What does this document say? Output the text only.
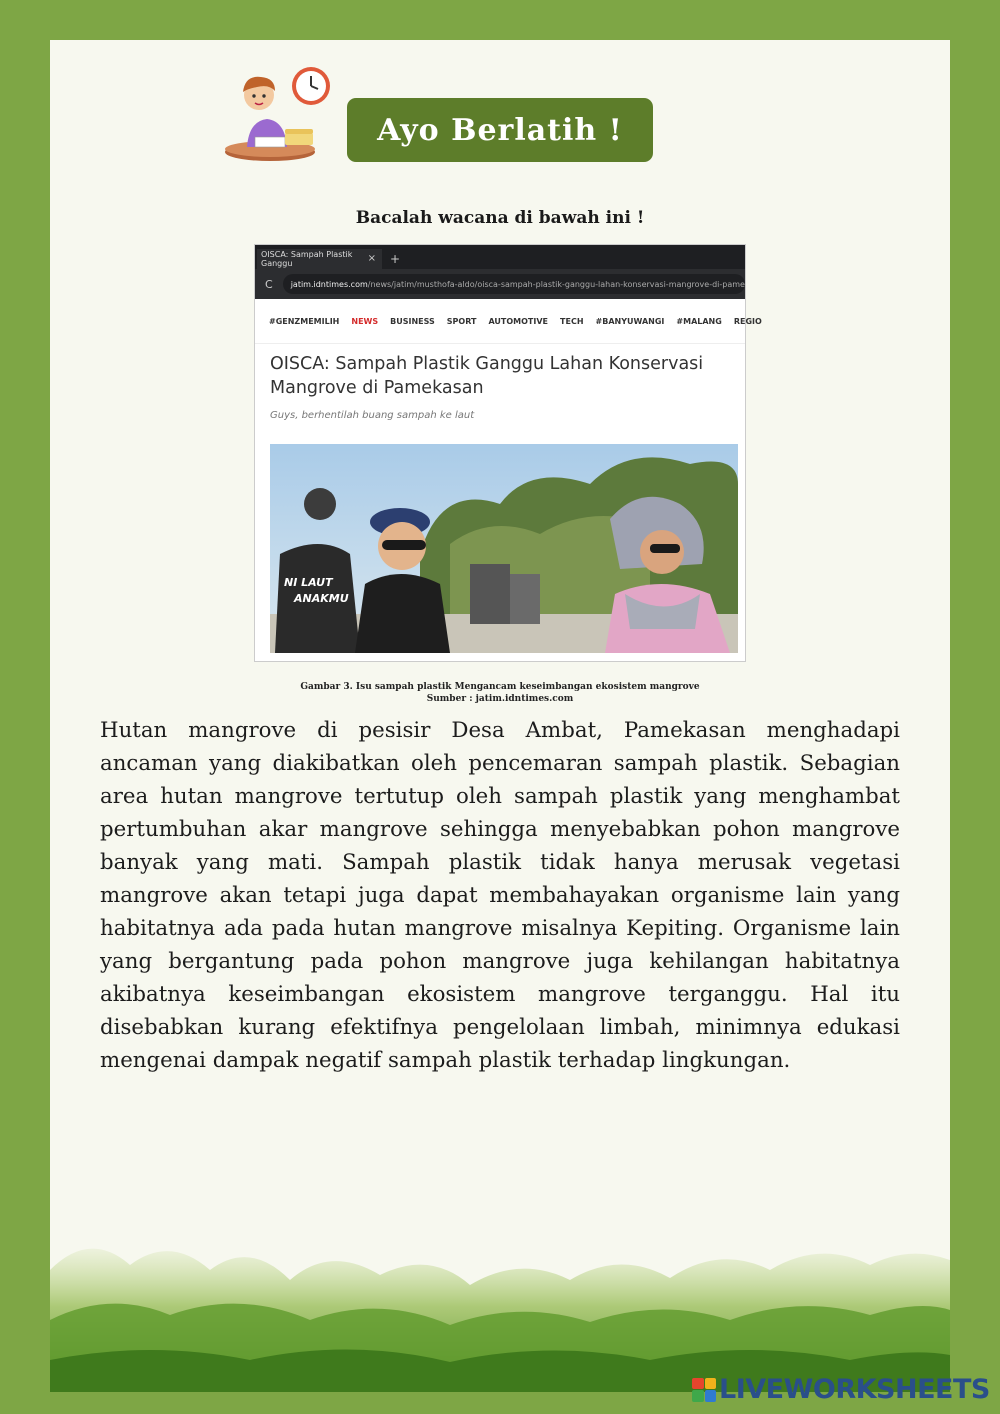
Ayo Berlatih !
Bacalah wacana di bawah ini !
OISCA: Sampah Plastik Ganggu	× +
C jatim.idntimes.com /news/jatim/musthofa-aldo/oisca-sampah-plastik-ganggu-lahan-konservasi-mangrove-di-pame
#GENZMEMILIH NEWS BUSINESS SPORT AUTOMOTIVE TECH #BANYUWANGI #MALANG REGIO
OISCA: Sampah Plastik Ganggu Lahan Konservasi Mangrove di Pamekasan
Guys, berhentilah buang sampah ke laut
NI LAUT
ANAKMU
Gambar 3. Isu sampah plastik Mengancam keseimbangan ekosistem mangrove
Sumber : jatim.idntimes.com
Hutan mangrove di pesisir Desa Ambat, Pamekasan menghadapi ancaman yang diakibatkan oleh pencemaran sampah plastik. Sebagian area hutan mangrove tertutup oleh sampah plastik yang menghambat pertumbuhan akar mangrove sehingga menyebabkan pohon mangrove banyak yang mati. Sampah plastik tidak hanya merusak vegetasi mangrove akan tetapi juga dapat membahayakan organisme lain yang habitatnya ada pada hutan mangrove misalnya Kepiting. Organisme lain yang bergantung pada pohon mangrove juga kehilangan habitatnya akibatnya keseimbangan ekosistem mangrove terganggu. Hal itu disebabkan kurang efektifnya pengelolaan limbah, minimnya edukasi mengenai dampak negatif sampah plastik terhadap lingkungan.
LIVEWORKSHEETS
